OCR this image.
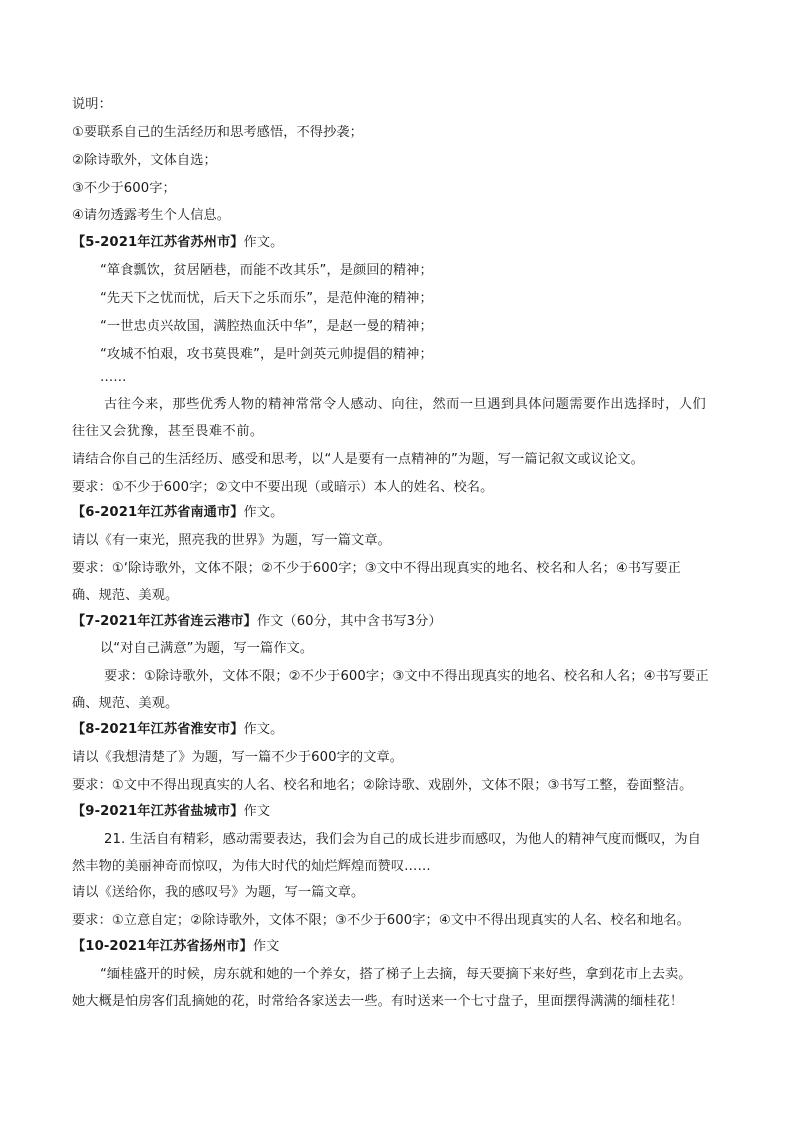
说明：
①要联系自己的生活经历和思考感悟，不得抄袭；
②除诗歌外，文体自选；
③不少于600字；
④请勿透露考生个人信息。
【5-2021年江苏省苏州市】作文。
“箪食瓢饮，贫居陋巷，而能不改其乐”，是颜回的精神；
“先天下之忧而忧，后天下之乐而乐”，是范仲淹的精神；
“一世忠贞兴故国，满腔热血沃中华”，是赵一曼的精神；
“攻城不怕艰，攻书莫畏难”，是叶剑英元帅提倡的精神；
……
古往今来，那些优秀人物的精神常常令人感动、向往，然而一旦遇到具体问题需要作出选择时，人们
往往又会犹豫，甚至畏难不前。
请结合你自己的生活经历、感受和思考，以“人是要有一点精神的”为题，写一篇记叙文或议论文。
要求：①不少于600字；②文中不要出现（或暗示）本人的姓名、校名。
【6-2021年江苏省南通市】作文。
请以《有一束光，照亮我的世界》为题，写一篇文章。
要求：①‘除诗歌外，文体不限；②不少于600字；③文中不得出现真实的地名、校名和人名；④书写要正
确、规范、美观。
【7-2021年江苏省连云港市】作文（60分，其中含书写3分）
以“对自己满意”为题，写一篇作文。
要求：①除诗歌外，文体不限；②不少于600字；③文中不得出现真实的地名、校名和人名；④书写要正
确、规范、美观。
【8-2021年江苏省淮安市】作文。
请以《我想清楚了》为题，写一篇不少于600字的文章。
要求：①文中不得出现真实的人名、校名和地名；②除诗歌、戏剧外，文体不限；③书写工整，卷面整洁。
【9-2021年江苏省盐城市】作文
21. 生活自有精彩，感动需要表达，我们会为自己的成长进步而感叹，为他人的精神气度而慨叹，为自
然丰物的美丽神奇而惊叹，为伟大时代的灿烂辉煌而赞叹……
请以《送给你，我的感叹号》为题，写一篇文章。
要求：①立意自定；②除诗歌外，文体不限；③不少于600字；④文中不得出现真实的人名、校名和地名。
【10-2021年江苏省扬州市】作文
“缅桂盛开的时候，房东就和她的一个养女，搭了梯子上去摘，每天要摘下来好些，拿到花市上去卖。
她大概是怕房客们乱摘她的花，时常给各家送去一些。有时送来一个七寸盘子，里面摆得满满的缅桂花！
